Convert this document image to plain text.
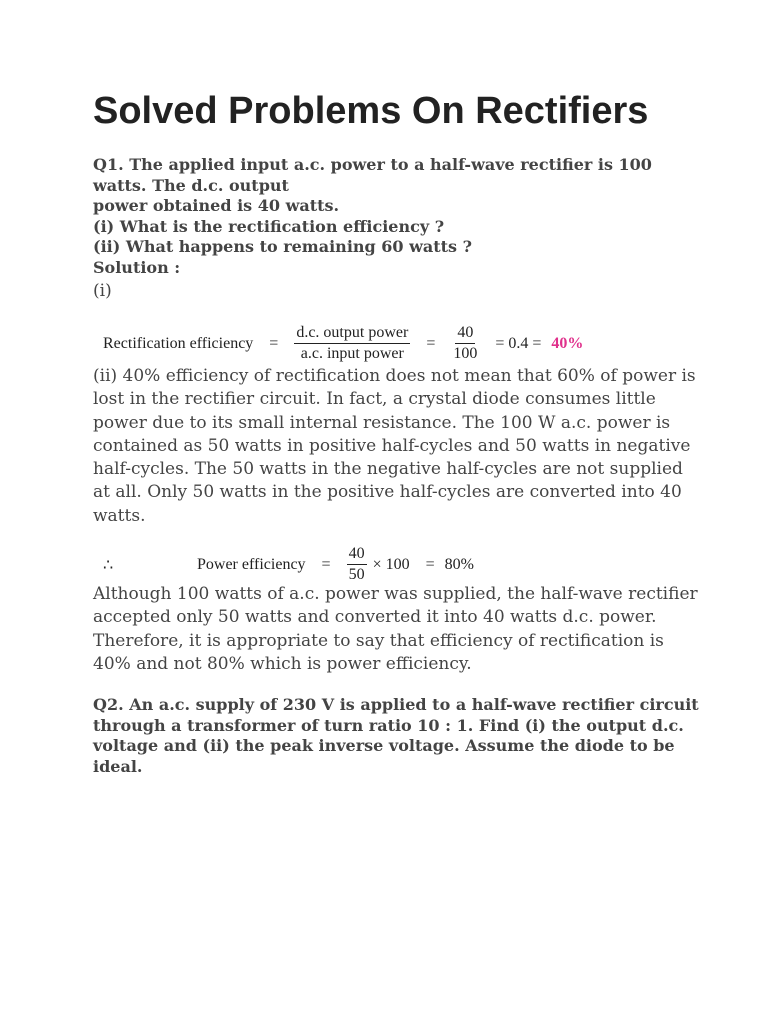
Solved Problems On Rectifiers
Q1. The applied input a.c. power to a half-wave rectifier is 100
watts. The d.c. output
power obtained is 40 watts.
(i) What is the rectification efficiency ?
(ii) What happens to remaining 60 watts ?
Solution :
(i)
Rectification efficiency = $\frac{\text{d.c. output power}}{\text{a.c. input power}} = \frac{40}{100} = 0.4 = 40\%$
(ii) 40% efficiency of rectification does not mean that 60% of power is
lost in the rectifier circuit. In fact, a crystal diode consumes little
power due to its small internal resistance. The 100 W a.c. power is
contained as 50 watts in positive half-cycles and 50 watts in negative
half-cycles. The 50 watts in the negative half-cycles are not supplied
at all. Only 50 watts in the positive half-cycles are converted into 40
watts.
∴	Power efficiency = $\frac{40}{50} \times 100 = 80\%$
Although 100 watts of a.c. power was supplied, the half-wave rectifier
accepted only 50 watts and converted it into 40 watts d.c. power.
Therefore, it is appropriate to say that efficiency of rectification is
40% and not 80% which is power efficiency.
Q2. An a.c. supply of 230 V is applied to a half-wave rectifier circuit
through a transformer of turn ratio 10 : 1. Find (i) the output d.c.
voltage and (ii) the peak inverse voltage. Assume the diode to be
ideal.
